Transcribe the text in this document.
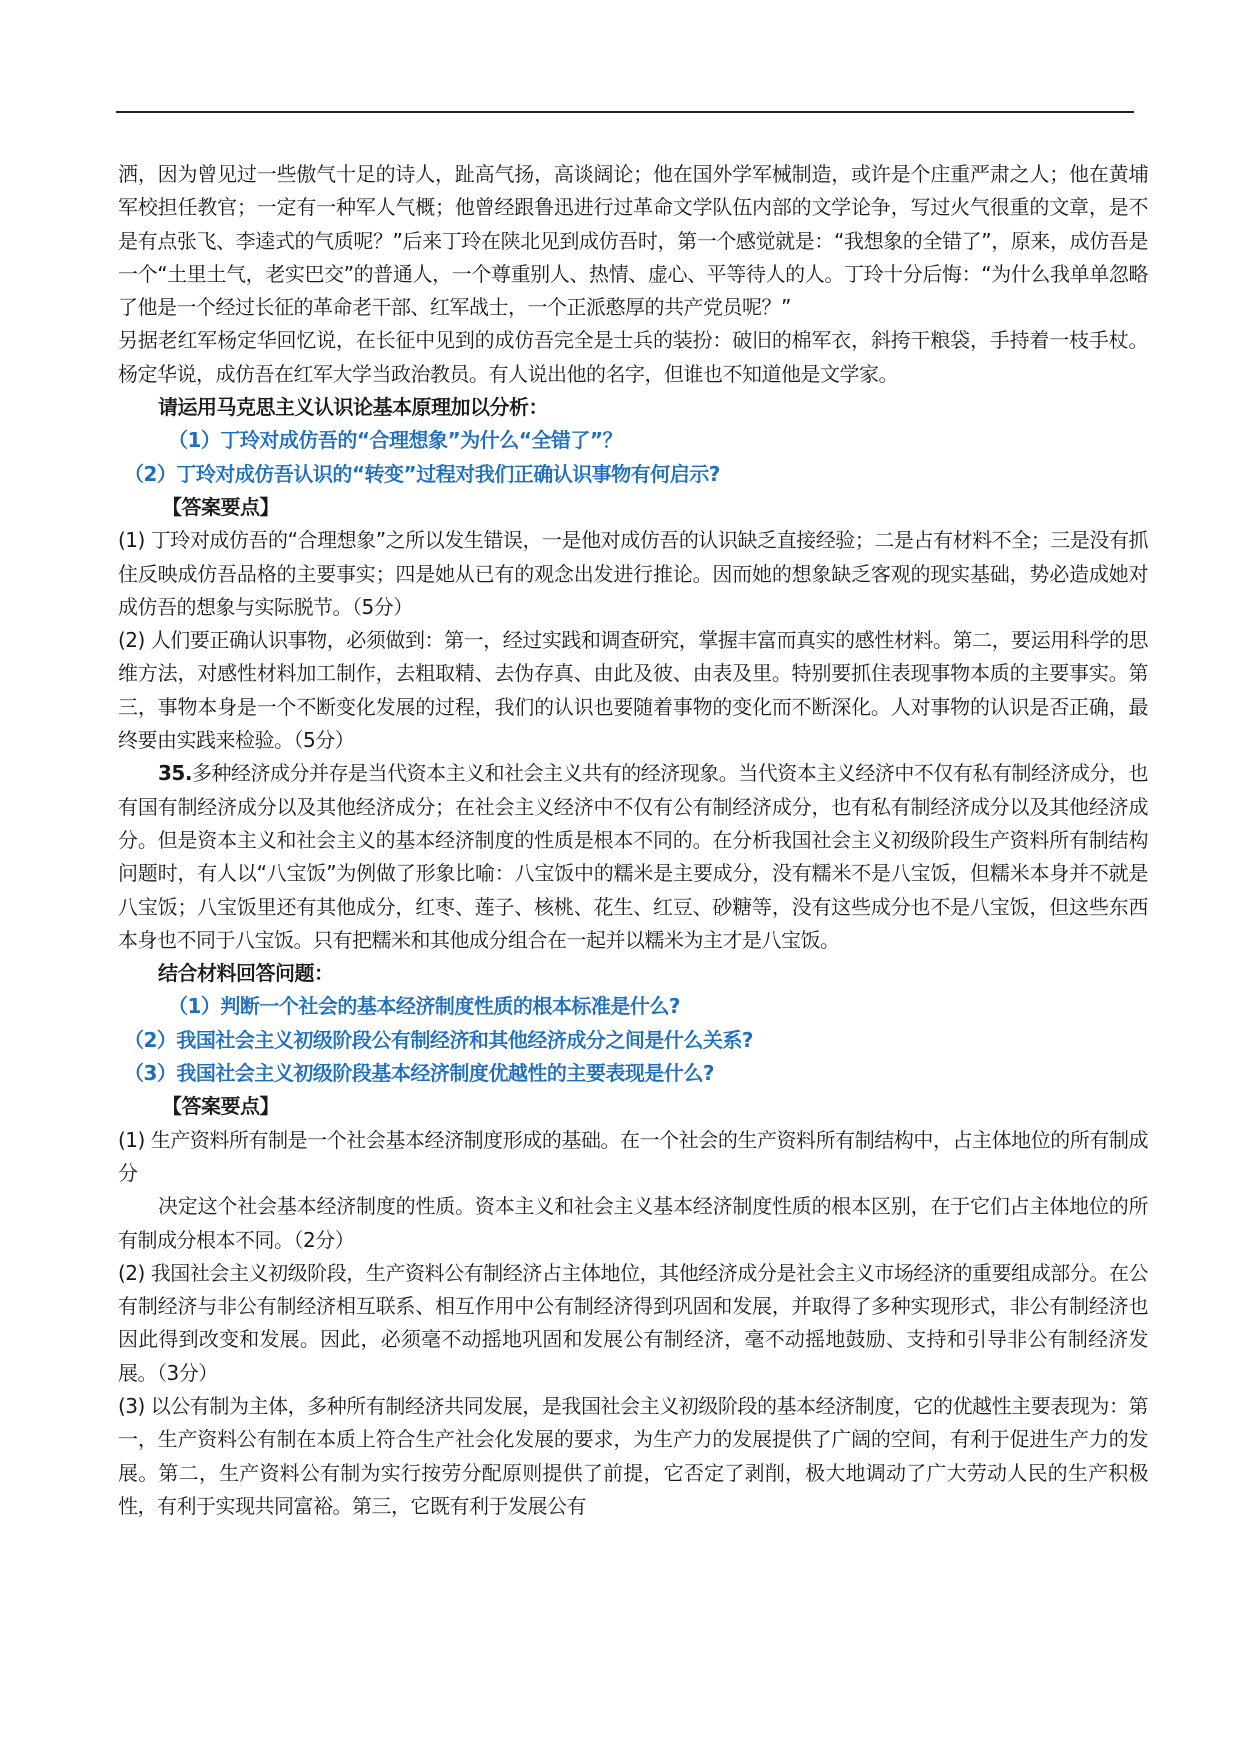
洒，因为曾见过一些傲气十足的诗人，趾高气扬，高谈阔论；他在国外学军械制造，或许是个庄重严肃之人；他在黄埔军校担任教官；一定有一种军人气概；他曾经跟鲁迅进行过革命文学队伍内部的文学论争，写过火气很重的文章，是不是有点张飞、李逵式的气质呢？”后来丁玲在陕北见到成仿吾时，第一个感觉就是：“我想象的全错了”，原来，成仿吾是一个“土里土气，老实巴交”的普通人，一个尊重别人、热情、虚心、平等待人的人。丁玲十分后悔：“为什么我单单忽略了他是一个经过长征的革命老干部、红军战士，一个正派憨厚的共产党员呢？”

另据老红军杨定华回忆说，在长征中见到的成仿吾完全是士兵的装扮：破旧的棉军衣，斜挎干粮袋，手持着一枝手杖。杨定华说，成仿吾在红军大学当政治教员。有人说出他的名字，但谁也不知道他是文学家。

请运用马克思主义认识论基本原理加以分析：

（1）丁玲对成仿吾的“合理想象”为什么“全错了”？

（2）丁玲对成仿吾认识的“转变”过程对我们正确认识事物有何启示?

【答案要点】

(1) 丁玲对成仿吾的“合理想象”之所以发生错误，一是他对成仿吾的认识缺乏直接经验；二是占有材料不全；三是没有抓住反映成仿吾品格的主要事实；四是她从已有的观念出发进行推论。因而她的想象缺乏客观的现实基础，势必造成她对成仿吾的想象与实际脱节。（5分）

(2) 人们要正确认识事物，必须做到：第一，经过实践和调查研究，掌握丰富而真实的感性材料。第二，要运用科学的思维方法，对感性材料加工制作，去粗取精、去伪存真、由此及彼、由表及里。特别要抓住表现事物本质的主要事实。第三，事物本身是一个不断变化发展的过程，我们的认识也要随着事物的变化而不断深化。人对事物的认识是否正确，最终要由实践来检验。（5分）

35.多种经济成分并存是当代资本主义和社会主义共有的经济现象。当代资本主义经济中不仅有私有制经济成分，也有国有制经济成分以及其他经济成分；在社会主义经济中不仅有公有制经济成分，也有私有制经济成分以及其他经济成分。但是资本主义和社会主义的基本经济制度的性质是根本不同的。在分析我国社会主义初级阶段生产资料所有制结构问题时，有人以“八宝饭”为例做了形象比喻：八宝饭中的糯米是主要成分，没有糯米不是八宝饭，但糯米本身并不就是八宝饭；八宝饭里还有其他成分，红枣、莲子、核桃、花生、红豆、砂糖等，没有这些成分也不是八宝饭，但这些东西本身也不同于八宝饭。只有把糯米和其他成分组合在一起并以糯米为主才是八宝饭。

结合材料回答问题：

（1）判断一个社会的基本经济制度性质的根本标准是什么?

（2）我国社会主义初级阶段公有制经济和其他经济成分之间是什么关系?

（3）我国社会主义初级阶段基本经济制度优越性的主要表现是什么?

【答案要点】

(1) 生产资料所有制是一个社会基本经济制度形成的基础。在一个社会的生产资料所有制结构中，占主体地位的所有制成分

决定这个社会基本经济制度的性质。资本主义和社会主义基本经济制度性质的根本区别，在于它们占主体地位的所有制成分根本不同。（2分）

(2) 我国社会主义初级阶段，生产资料公有制经济占主体地位，其他经济成分是社会主义市场经济的重要组成部分。在公有制经济与非公有制经济相互联系、相互作用中公有制经济得到巩固和发展，并取得了多种实现形式，非公有制经济也因此得到改变和发展。因此，必须毫不动摇地巩固和发展公有制经济，毫不动摇地鼓励、支持和引导非公有制经济发展。（3分）

(3) 以公有制为主体，多种所有制经济共同发展，是我国社会主义初级阶段的基本经济制度，它的优越性主要表现为：第一，生产资料公有制在本质上符合生产社会化发展的要求，为生产力的发展提供了广阔的空间，有利于促进生产力的发展。第二，生产资料公有制为实行按劳分配原则提供了前提，它否定了剥削，极大地调动了广大劳动人民的生产积极性，有利于实现共同富裕。第三，它既有利于发展公有
